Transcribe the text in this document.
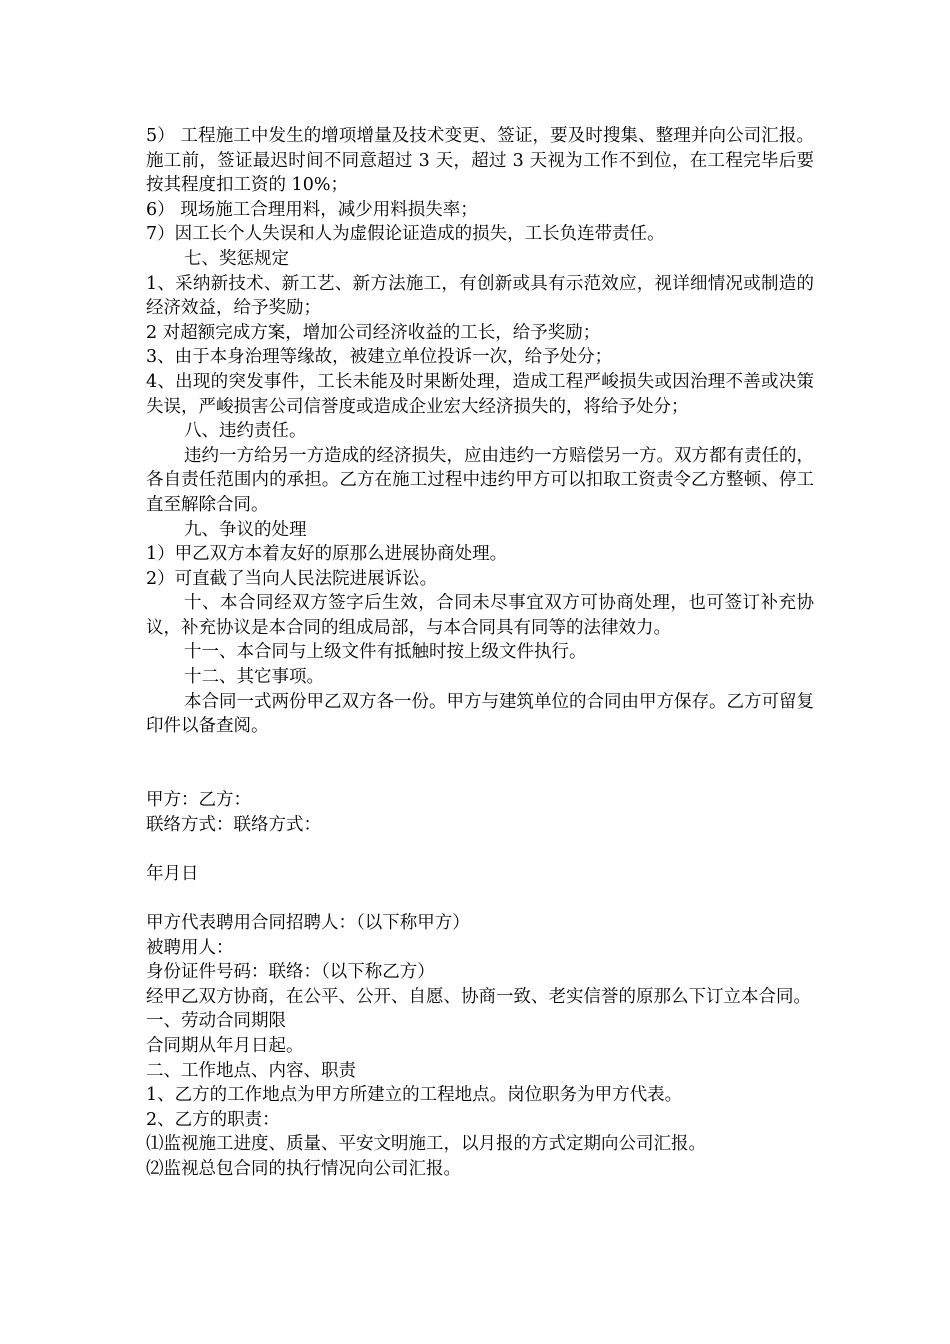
5） 工程施工中发生的增项增量及技术变更、签证，要及时搜集、整理并向公司汇报。施工前，签证最迟时间不同意超过 3 天，超过 3 天视为工作不到位，在工程完毕后要按其程度扣工资的 10%；

6） 现场施工合理用料，减少用料损失率；

7）因工长个人失误和人为虚假论证造成的损失，工长负连带责任。

七、奖惩规定

1、采纳新技术、新工艺、新方法施工，有创新或具有示范效应，视详细情况或制造的经济效益，给予奖励；

2 对超额完成方案，增加公司经济收益的工长，给予奖励；

3、由于本身治理等缘故，被建立单位投诉一次，给予处分；

4、出现的突发事件，工长未能及时果断处理，造成工程严峻损失或因治理不善或决策失误，严峻损害公司信誉度或造成企业宏大经济损失的，将给予处分；

八、违约责任。

违约一方给另一方造成的经济损失，应由违约一方赔偿另一方。双方都有责任的，各自责任范围内的承担。乙方在施工过程中违约甲方可以扣取工资责令乙方整顿、停工直至解除合同。

九、争议的处理

1）甲乙双方本着友好的原那么进展协商处理。

2）可直截了当向人民法院进展诉讼。

十、本合同经双方签字后生效，合同未尽事宜双方可协商处理，也可签订补充协议，补充协议是本合同的组成局部，与本合同具有同等的法律效力。

十一、本合同与上级文件有抵触时按上级文件执行。

十二、其它事项。

本合同一式两份甲乙双方各一份。甲方与建筑单位的合同由甲方保存。乙方可留复印件以备查阅。

甲方：乙方：

联络方式：联络方式：

年月日

甲方代表聘用合同招聘人：（以下称甲方）

被聘用人：

身份证件号码：联络：（以下称乙方）

经甲乙双方协商，在公平、公开、自愿、协商一致、老实信誉的原那么下订立本合同。

一、劳动合同期限

合同期从年月日起。

二、工作地点、内容、职责

1、乙方的工作地点为甲方所建立的工程地点。岗位职务为甲方代表。

2、乙方的职责：

⑴监视施工进度、质量、平安文明施工，以月报的方式定期向公司汇报。

⑵监视总包合同的执行情况向公司汇报。
